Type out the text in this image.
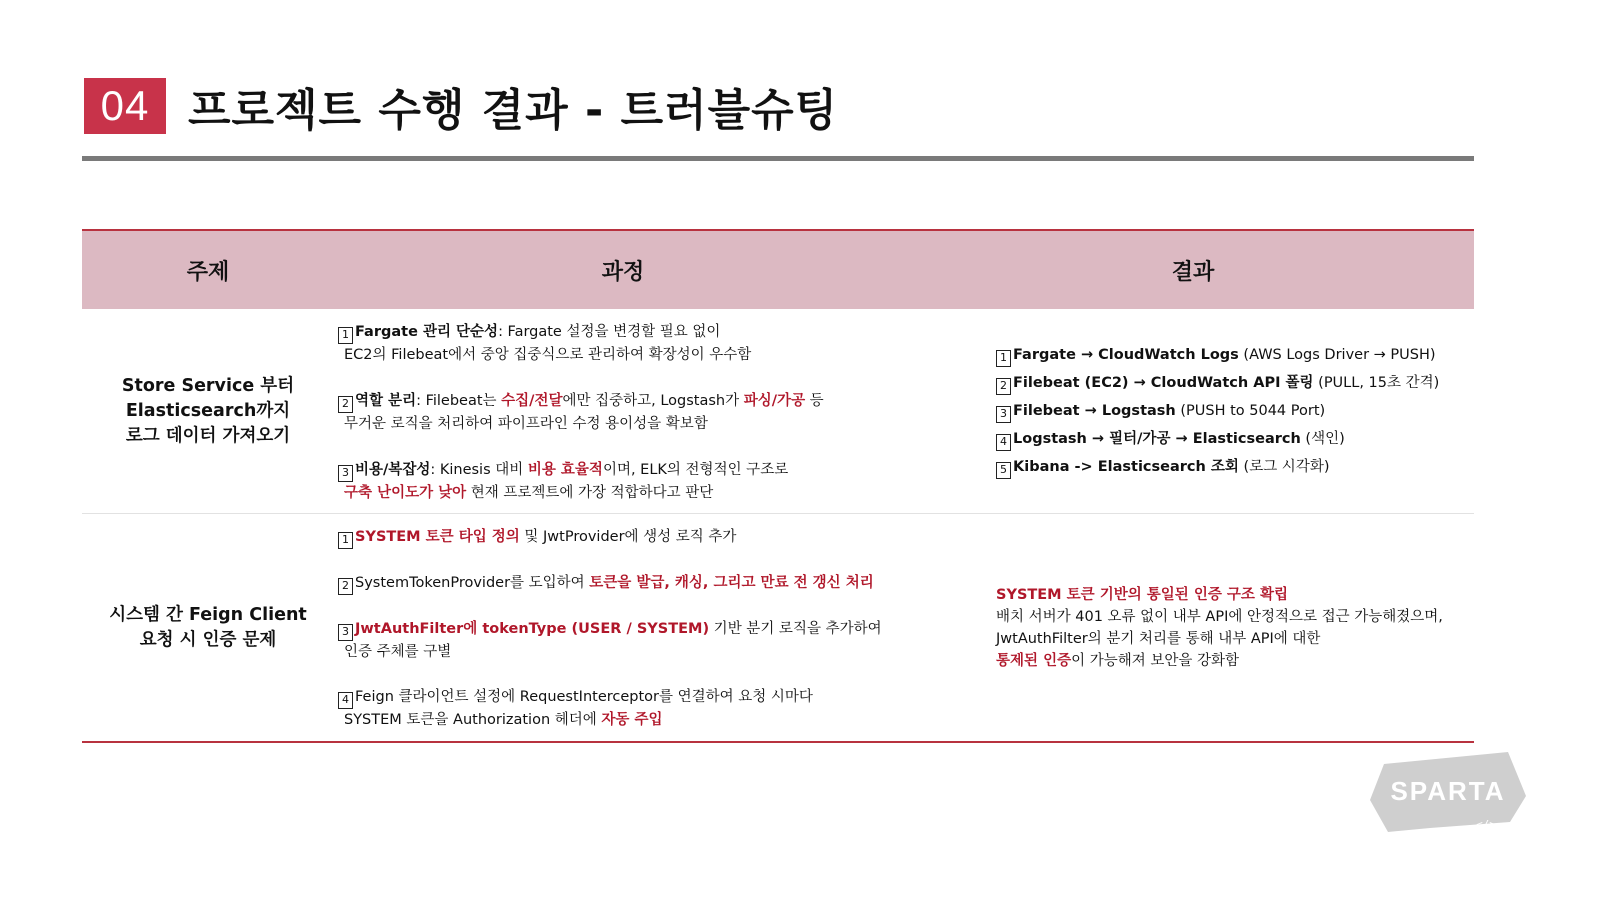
04 프로젝트 수행 결과 - 트러블슈팅
주제	과정	결과
Store Service 부터
Elasticsearch까지
로그 데이터 가져오기
1 Fargate 관리 단순성: Fargate 설정을 변경할 필요 없이
EC2의 Filebeat에서 중앙 집중식으로 관리하여 확장성이 우수함
2 역할 분리: Filebeat는 수집/전달에만 집중하고, Logstash가 파싱/가공 등
무거운 로직을 처리하여 파이프라인 수정 용이성을 확보함
3 비용/복잡성: Kinesis 대비 비용 효율적이며, ELK의 전형적인 구조로
구축 난이도가 낮아 현재 프로젝트에 가장 적합하다고 판단
1 Fargate → CloudWatch Logs (AWS Logs Driver → PUSH)
2 Filebeat (EC2) → CloudWatch API 폴링 (PULL, 15초 간격)
3 Filebeat → Logstash (PUSH to 5044 Port)
4 Logstash → 필터/가공 → Elasticsearch (색인)
5 Kibana -> Elasticsearch 조회 (로그 시각화)
시스템 간 Feign Client
요청 시 인증 문제
1 SYSTEM 토큰 타입 정의 및 JwtProvider에 생성 로직 추가
2 SystemTokenProvider를 도입하여 토큰을 발급, 캐싱, 그리고 만료 전 갱신 처리
3 JwtAuthFilter에 tokenType (USER / SYSTEM) 기반 분기 로직을 추가하여
인증 주체를 구별
4 Feign 클라이언트 설정에 RequestInterceptor를 연결하여 요청 시마다
SYSTEM 토큰을 Authorization 헤더에 자동 주입
SYSTEM 토큰 기반의 통일된 인증 구조 확립
배치 서버가 401 오류 없이 내부 API에 안정적으로 접근 가능해졌으며,
JwtAuthFilter의 분기 처리를 통해 내부 API에 대한
통제된 인증이 가능해져 보안을 강화함
SPARTA
</>
